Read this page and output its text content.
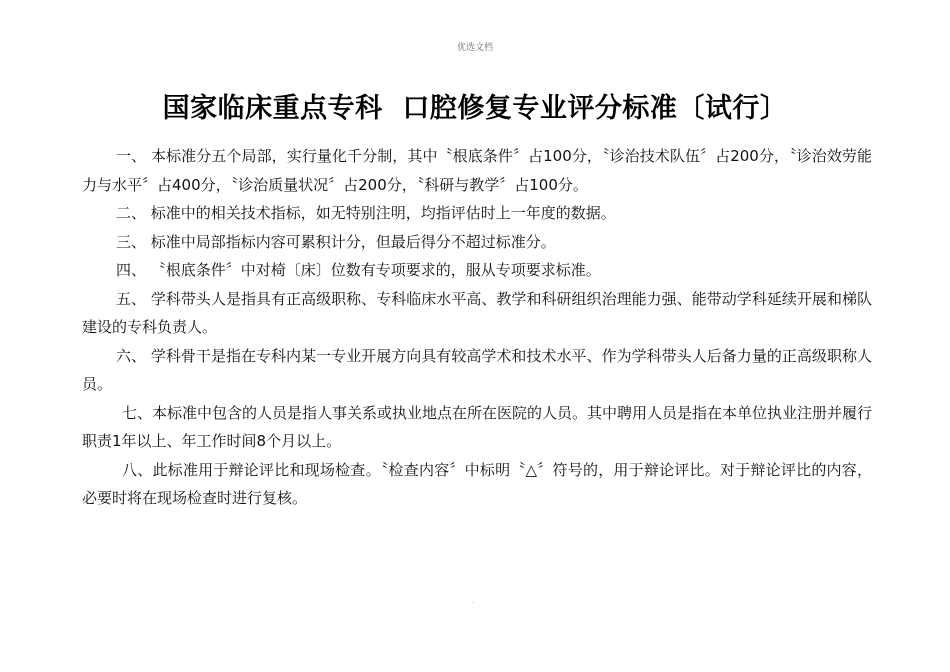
优选文档
国家临床重点专科  口腔修复专业评分标准〔试行〕

一、 本标准分五个局部，实行量化千分制，其中〝根底条件〞占100分，〝诊治技术队伍〞占200分，〝诊治效劳能力与水平〞占400分，〝诊治质量状况〞占200分，〝科研与教学〞占100分。

二、 标准中的相关技术指标，如无特别注明，均指评估时上一年度的数据。

三、 标准中局部指标内容可累积计分，但最后得分不超过标准分。

四、 〝根底条件〞中对椅〔床〕位数有专项要求的，服从专项要求标准。

五、 学科带头人是指具有正高级职称、专科临床水平高、教学和科研组织治理能力强、能带动学科延续开展和梯队建设的专科负责人。

六、 学科骨干是指在专科内某一专业开展方向具有较高学术和技术水平、作为学科带头人后备力量的正高级职称人员。

七、本标准中包含的人员是指人事关系或执业地点在所在医院的人员。其中聘用人员是指在本单位执业注册并履行职责1年以上、年工作时间8个月以上。

八、此标准用于辩论评比和现场检查。〝检查内容〞中标明〝△〞符号的，用于辩论评比。对于辩论评比的内容，必要时将在现场检查时进行复核。

.
